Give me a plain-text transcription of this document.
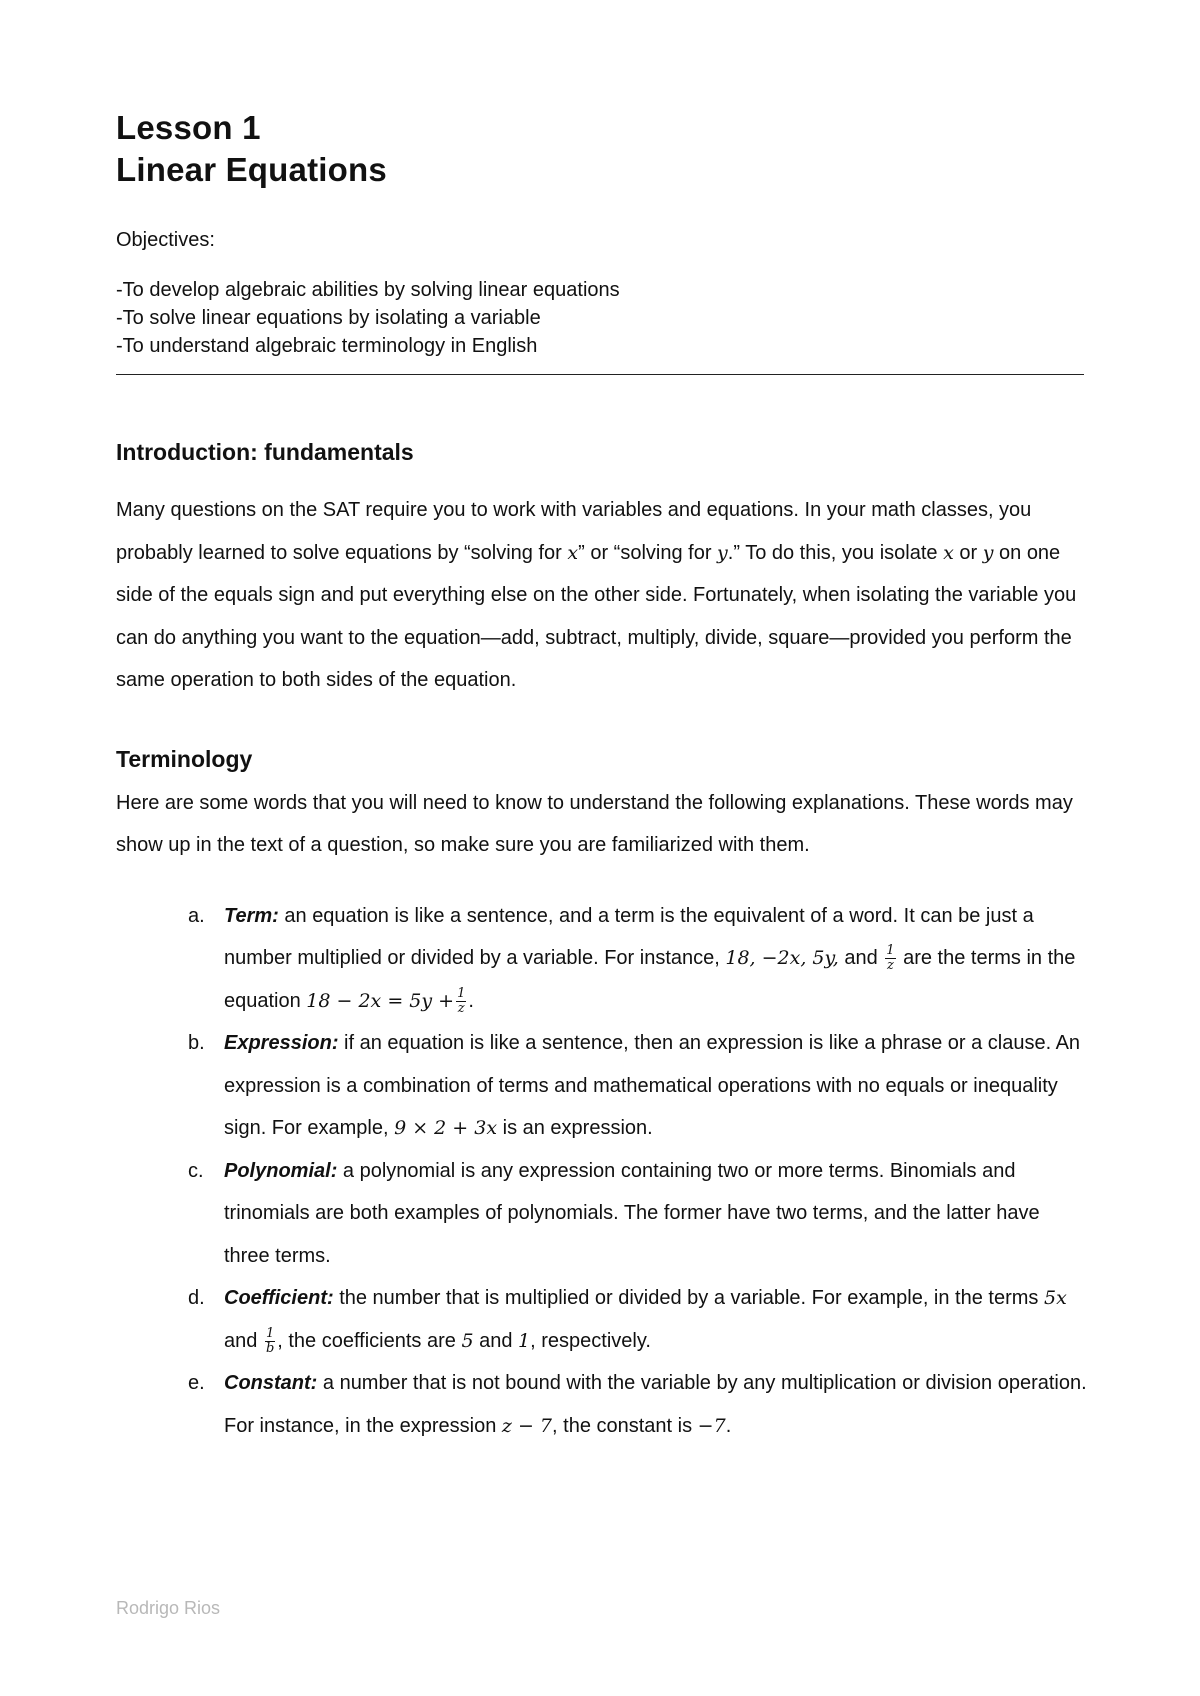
Lesson 1
Linear Equations
Objectives:
-To develop algebraic abilities by solving linear equations
-To solve linear equations by isolating a variable
-To understand algebraic terminology in English
Introduction: fundamentals

Many questions on the SAT require you to work with variables and equations. In your math classes, you probably learned to solve equations by “solving for x” or “solving for y.” To do this, you isolate x or y on one side of the equals sign and put everything else on the other side. Fortunately, when isolating the variable you can do anything you want to the equation—add, subtract, multiply, divide, square—provided you perform the same operation to both sides of the equation.

Terminology

Here are some words that you will need to know to understand the following explanations. These words may show up in the text of a question, so make sure you are familiarized with them.

a. Term: an equation is like a sentence, and a term is the equivalent of a word. It can be just a number multiplied or divided by a variable. For instance, 18, −2x, 5y, and $\frac{1}{z}$ are the terms in the equation $18 - 2x = 5y + \frac{1}{z}$ .
b. Expression: if an equation is like a sentence, then an expression is like a phrase or a clause. An expression is a combination of terms and mathematical operations with no equals or inequality sign. For example, 9 × 2 + 3x is an expression.
c. Polynomial: a polynomial is any expression containing two or more terms. Binomials and trinomials are both examples of polynomials. The former have two terms, and the latter have three terms.
d. Coefficient: the number that is multiplied or divided by a variable. For example, in the terms 5x and $\frac{1}{b}$ , the coefficients are 5 and 1, respectively.
e. Constant: a number that is not bound with the variable by any multiplication or division operation. For instance, in the expression z − 7, the constant is −7.
Rodrigo Rios
